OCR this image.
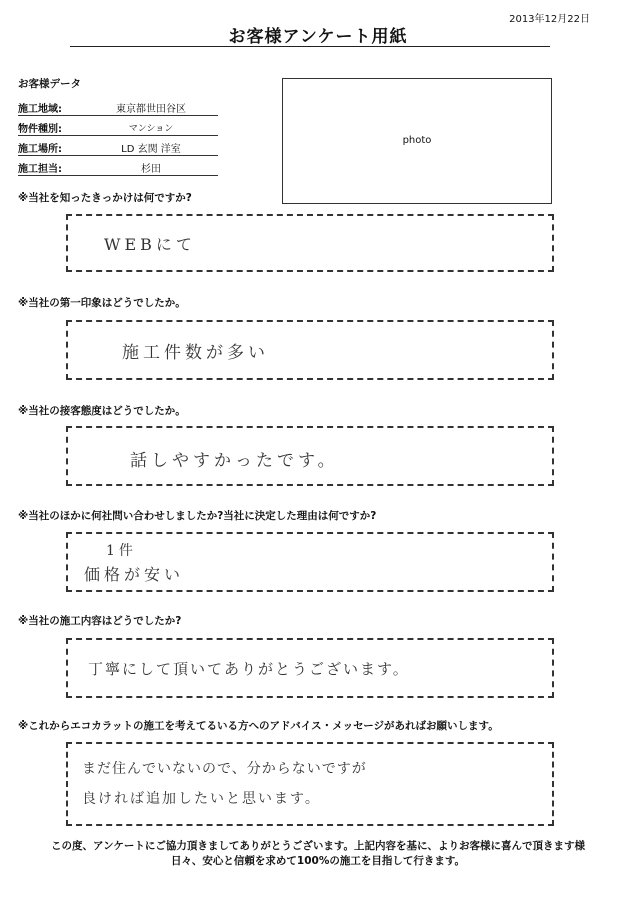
2013年12月22日
お客様アンケート用紙
お客様データ
施工地域:	東京都世田谷区
物件種別:	マンション
施工場所:	LD 玄関 洋室
施工担当:	杉田
photo
※当社を知ったきっかけは何ですか?
WEBにて
※当社の第一印象はどうでしたか。
施工件数が多い
※当社の接客態度はどうでしたか。
話しやすかったです。
※当社のほかに何社問い合わせしましたか?当社に決定した理由は何ですか?
1件
価格が安い
※当社の施工内容はどうでしたか?
丁寧にして頂いてありがとうございます。
※これからエコカラットの施工を考えてるいる方へのアドバイス・メッセージがあればお願いします。
まだ住んでいないので、分からないですが
良ければ追加したいと思います。
この度、アンケートにご協力頂きましてありがとうございます。上記内容を基に、よりお客様に喜んで頂きます様
日々、安心と信頼を求めて100%の施工を目指して行きます。
